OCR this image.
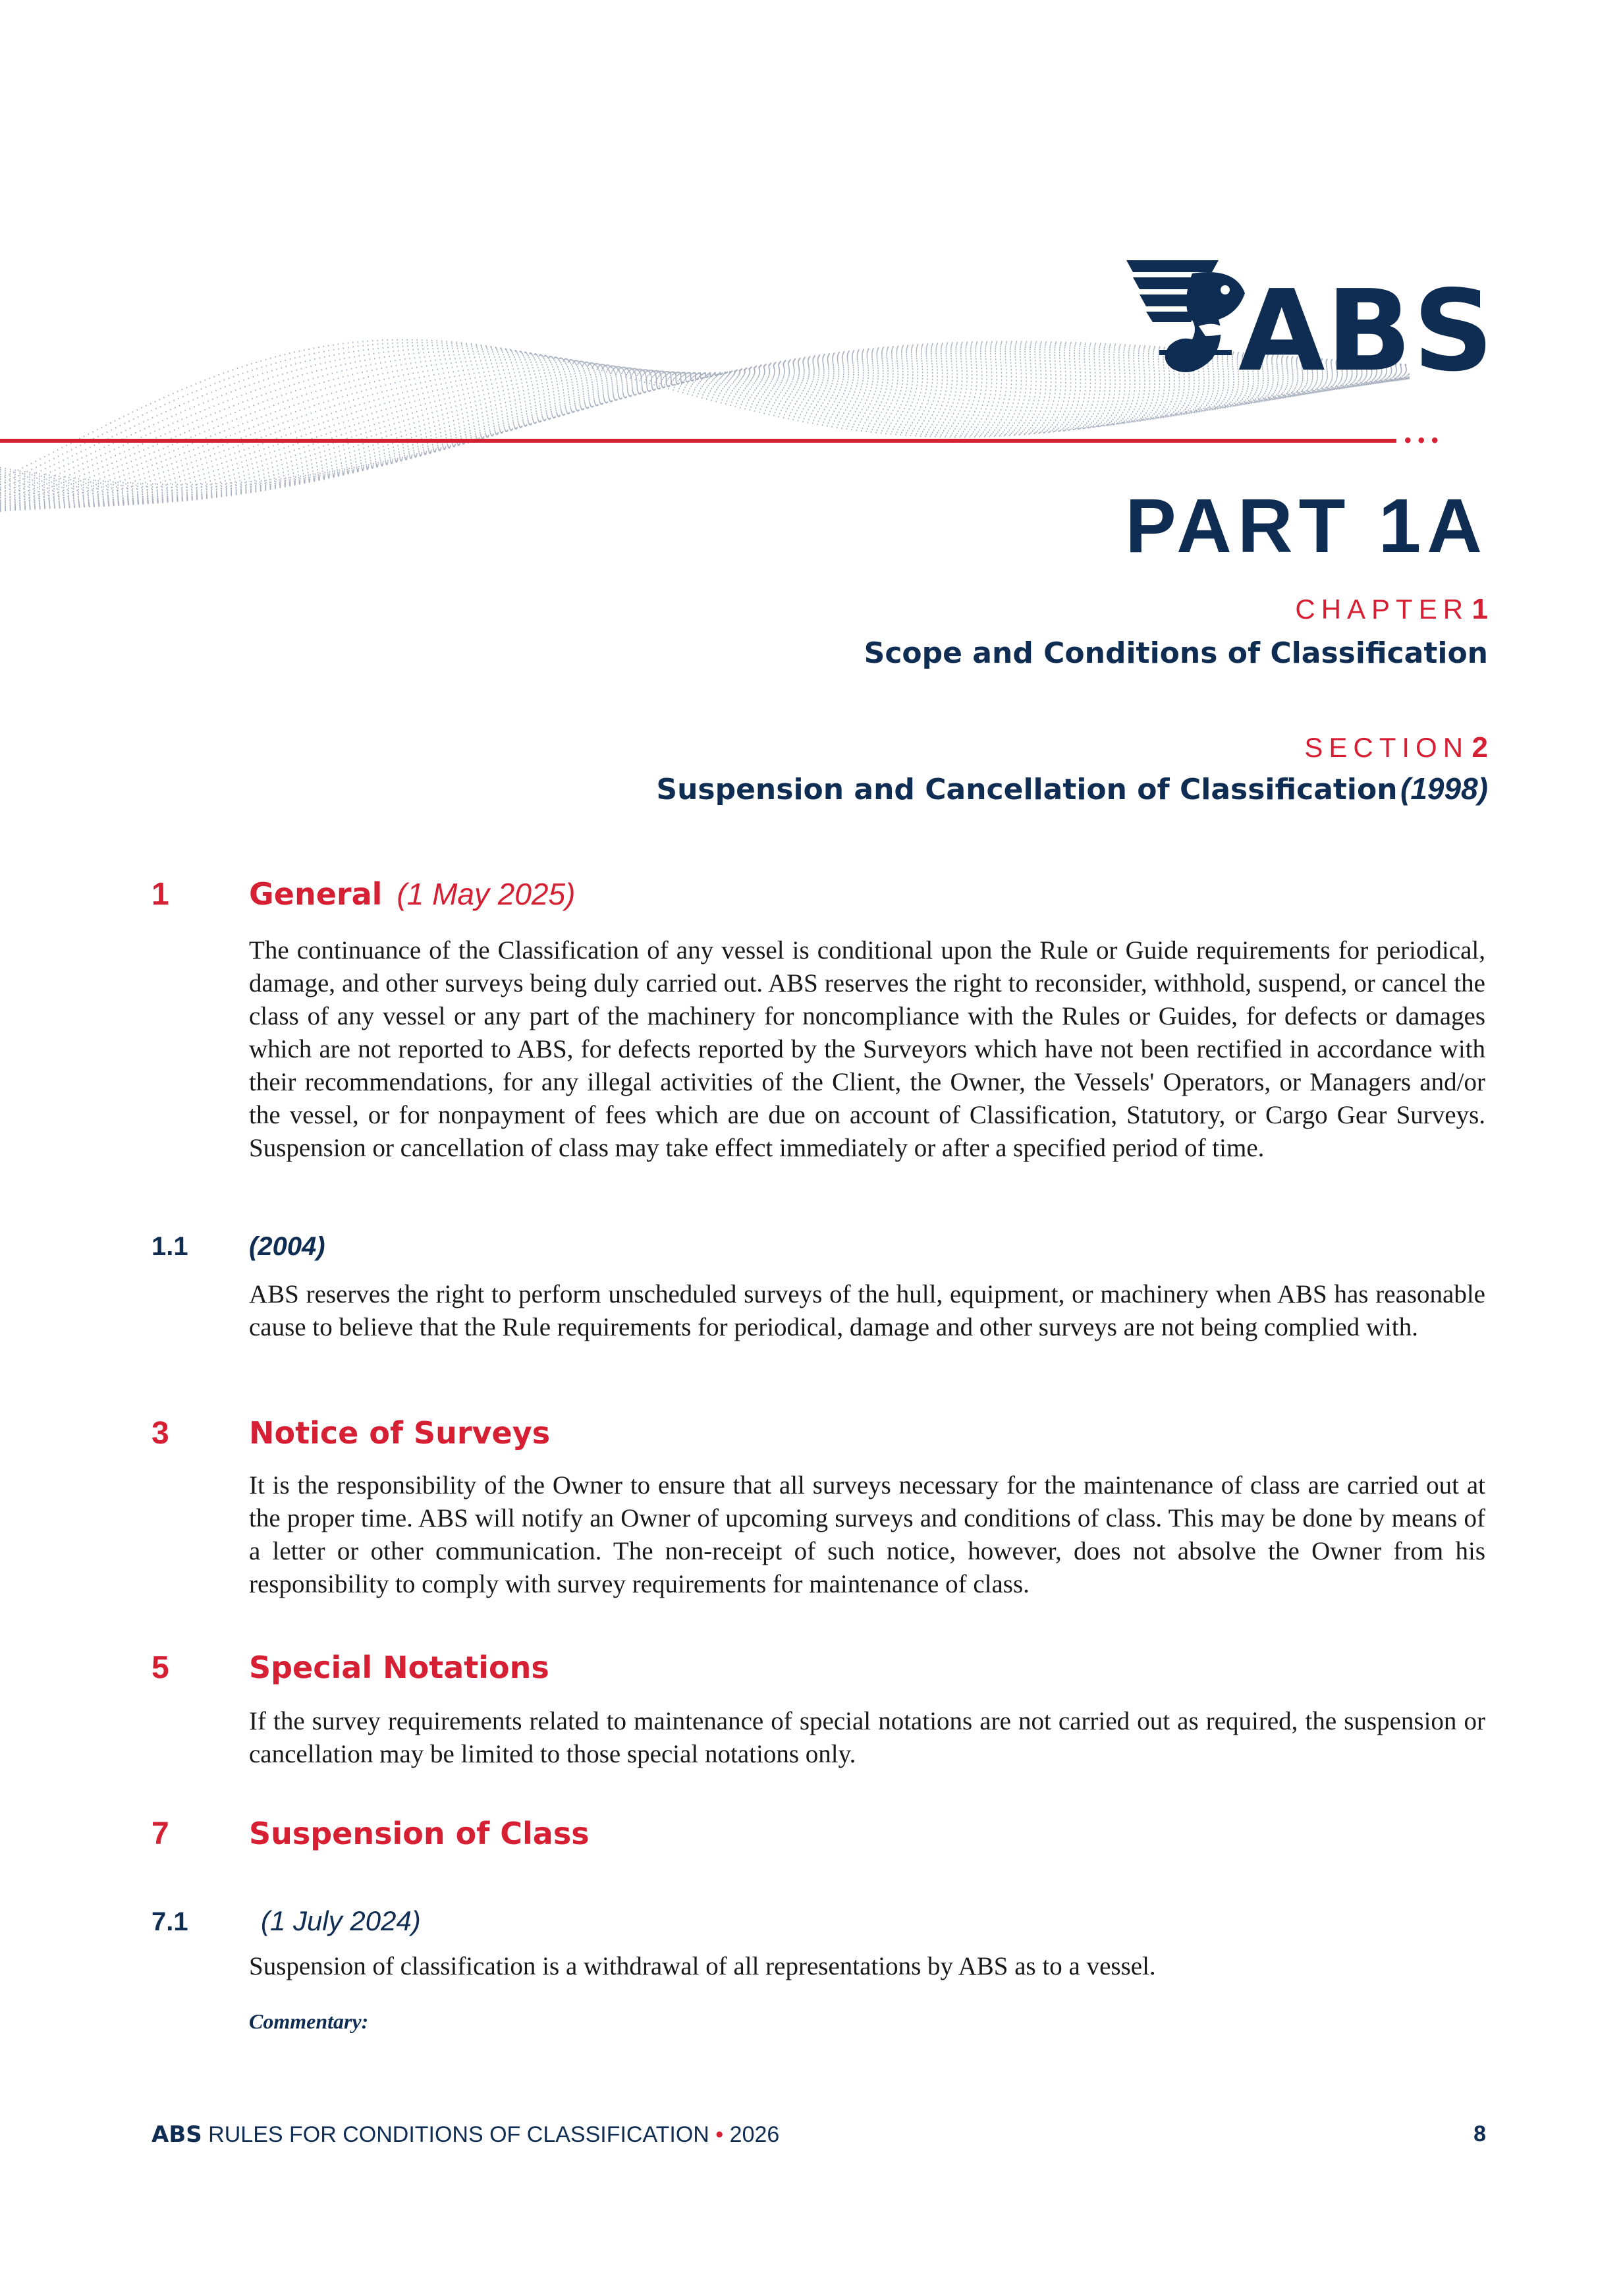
ABS
•••
PART 1A
CHAPTER 1
Scope and Conditions of Classification
SECTION 2
Suspension and Cancellation of Classification (1998)
1	General (1 May 2025)
The continuance of the Classification of any vessel is conditional upon the Rule or Guide requirements for periodical, damage, and other surveys being duly carried out. ABS reserves the right to reconsider, withhold, suspend, or cancel the class of any vessel or any part of the machinery for noncompliance with the Rules or Guides, for defects or damages which are not reported to ABS, for defects reported by the Surveyors which have not been rectified in accordance with their recommendations, for any illegal activities of the Client, the Owner, the Vessels' Operators, or Managers and/or the vessel, or for nonpayment of fees which are due on account of Classification, Statutory, or Cargo Gear Surveys. Suspension or cancellation of class may take effect immediately or after a specified period of time.
1.1 (2004)
ABS reserves the right to perform unscheduled surveys of the hull, equipment, or machinery when ABS has reasonable cause to believe that the Rule requirements for periodical, damage and other surveys are not being complied with.
3	Notice of Surveys
It is the responsibility of the Owner to ensure that all surveys necessary for the maintenance of class are carried out at the proper time. ABS will notify an Owner of upcoming surveys and conditions of class. This may be done by means of a letter or other communication. The non-receipt of such notice, however, does not absolve the Owner from his responsibility to comply with survey requirements for maintenance of class.
5	Special Notations
If the survey requirements related to maintenance of special notations are not carried out as required, the suspension or cancellation may be limited to those special notations only.
7	Suspension of Class
7.1	(1 July 2024)
Suspension of classification is a withdrawal of all representations by ABS as to a vessel.
Commentary:
ABS RULES FOR CONDITIONS OF CLASSIFICATION • 2026	8
